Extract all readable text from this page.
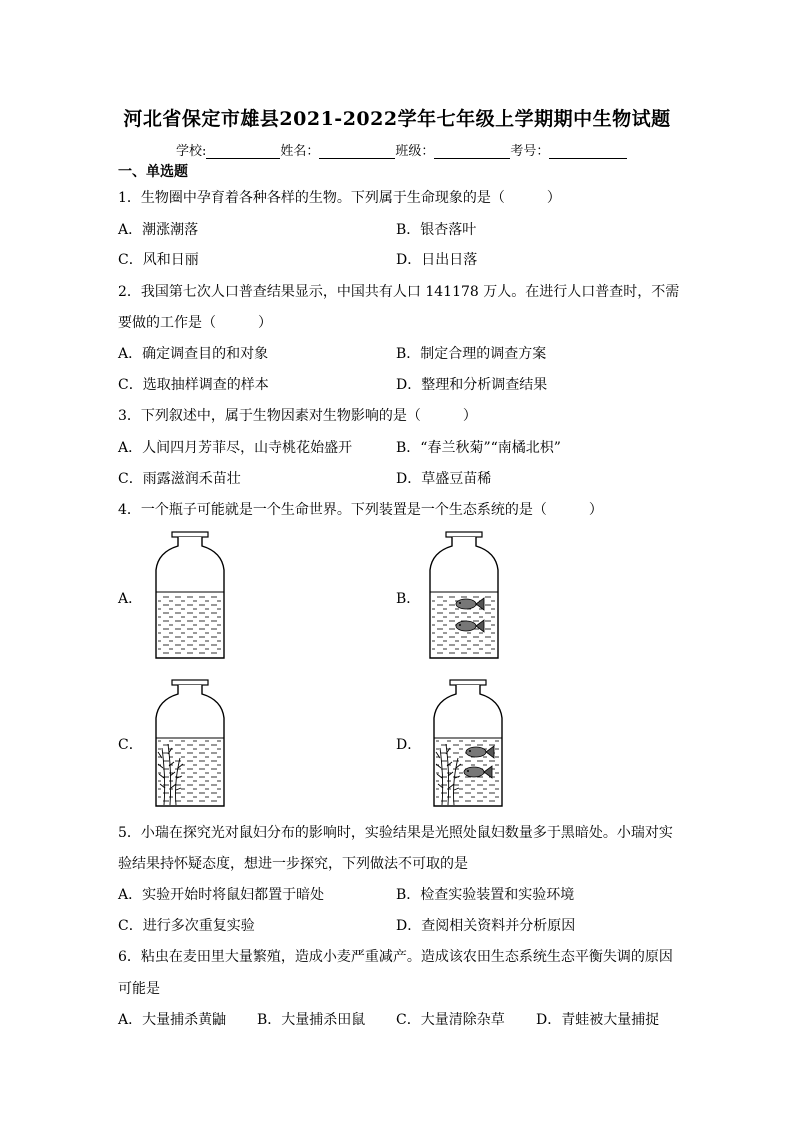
河北省保定市雄县2021-2022学年七年级上学期期中生物试题
学校:	姓名：	班级：	考号：
一、单选题
1．生物圈中孕育着各种各样的生物。下列属于生命现象的是（　　　）
A．潮涨潮落	B．银杏落叶
C．风和日丽	D．日出日落
2．我国第七次人口普查结果显示，中国共有人口 141178 万人。在进行人口普查时，不需
要做的工作是（　　　）
A．确定调查目的和对象	B．制定合理的调查方案
C．选取抽样调查的样本	D．整理和分析调查结果
3．下列叙述中，属于生物因素对生物影响的是（　　　）
A．人间四月芳菲尽，山寺桃花始盛开	B．“春兰秋菊”“南橘北枳”
C．雨露滋润禾苗壮	D．草盛豆苗稀
4．一个瓶子可能就是一个生命世界。下列装置是一个生态系统的是（　　　）
A．	B．
C．	D．
5．小瑞在探究光对鼠妇分布的影响时，实验结果是光照处鼠妇数量多于黑暗处。小瑞对实
验结果持怀疑态度，想进一步探究，下列做法不可取的是
A．实验开始时将鼠妇都置于暗处	B．检查实验装置和实验环境
C．进行多次重复实验	D．查阅相关资料并分析原因
6．粘虫在麦田里大量繁殖，造成小麦严重减产。造成该农田生态系统生态平衡失调的原因
可能是
A．大量捕杀黄鼬 B．大量捕杀田鼠 C．大量清除杂草 D．青蛙被大量捕捉
